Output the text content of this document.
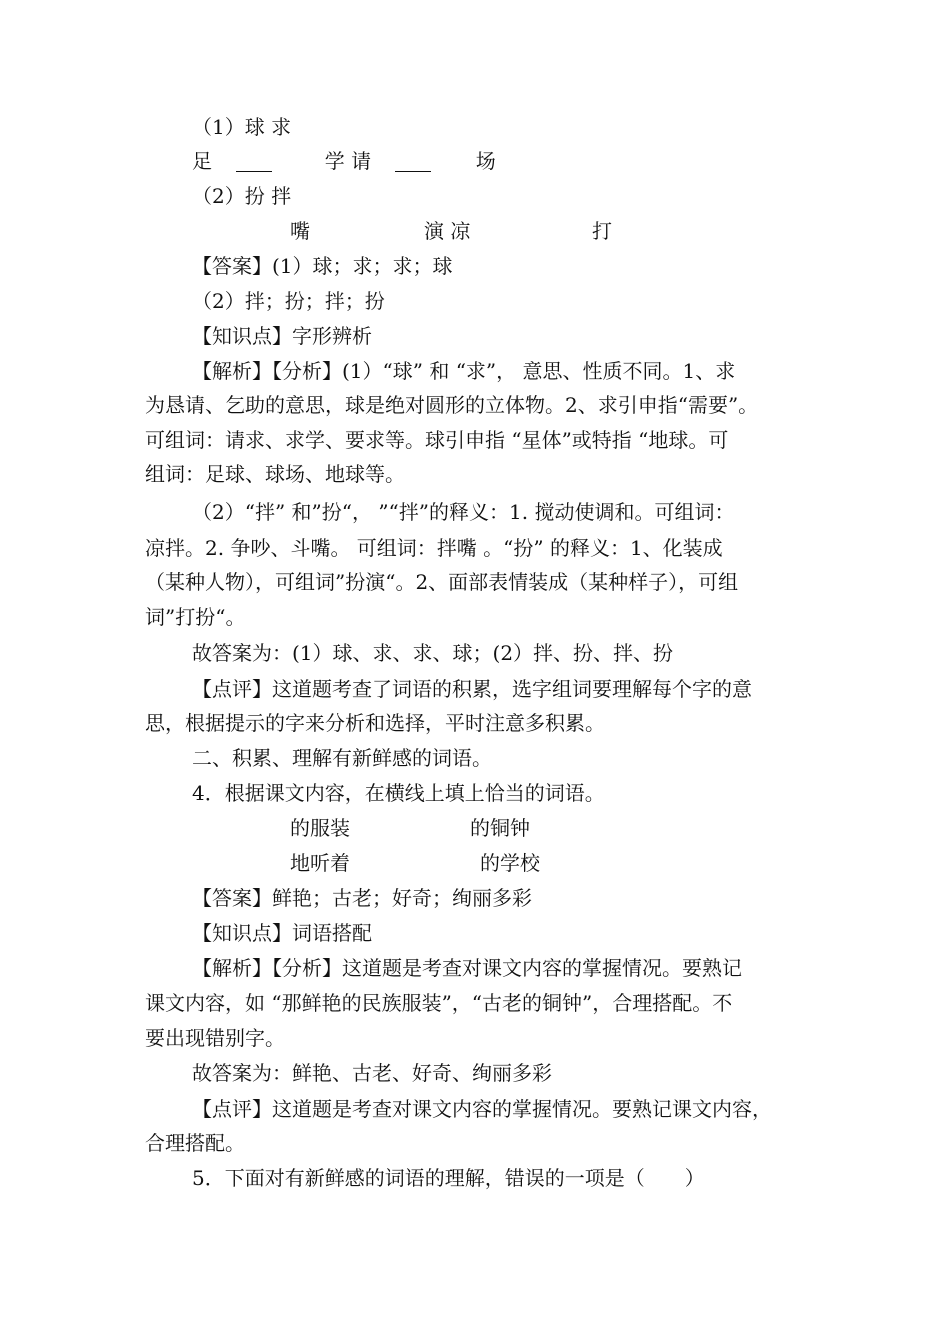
（1）球 求
足	学 请	场
（2）扮 拌
嘴	演 凉	打
【答案】(1）球；求；求；球
（2）拌；扮；拌；扮
【知识点】字形辨析
【解析】【分析】(1）“球” 和 “求”， 意思、性质不同。1、求
为恳请、乞助的意思，球是绝对圆形的立体物。2、求引申指“需要”。
可组词：请求、求学、要求等。球引申指 “星体”或特指 “地球。可
组词：足球、球场、地球等。
（2）“拌” 和”扮“， ”“拌”的释义：1. 搅动使调和。可组词：
凉拌。2. 争吵、斗嘴。 可组词：拌嘴 。“扮” 的释义：1、化装成
（某种人物），可组词”扮演“。2、面部表情装成（某种样子），可组
词”打扮“。
故答案为：(1）球、求、求、球；(2）拌、扮、拌、扮
【点评】这道题考查了词语的积累，选字组词要理解每个字的意
思，根据提示的字来分析和选择，平时注意多积累。
二、积累、理解有新鲜感的词语。
4．根据课文内容，在横线上填上恰当的词语。
的服装	的铜钟
地听着	的学校
【答案】鲜艳；古老；好奇；绚丽多彩
【知识点】词语搭配
【解析】【分析】这道题是考查对课文内容的掌握情况。要熟记
课文内容，如 “那鲜艳的民族服装”，“古老的铜钟”，合理搭配。不
要出现错别字。
故答案为：鲜艳、古老、好奇、绚丽多彩
【点评】这道题是考查对课文内容的掌握情况。要熟记课文内容，
合理搭配。
5．下面对有新鲜感的词语的理解，错误的一项是（　　）
